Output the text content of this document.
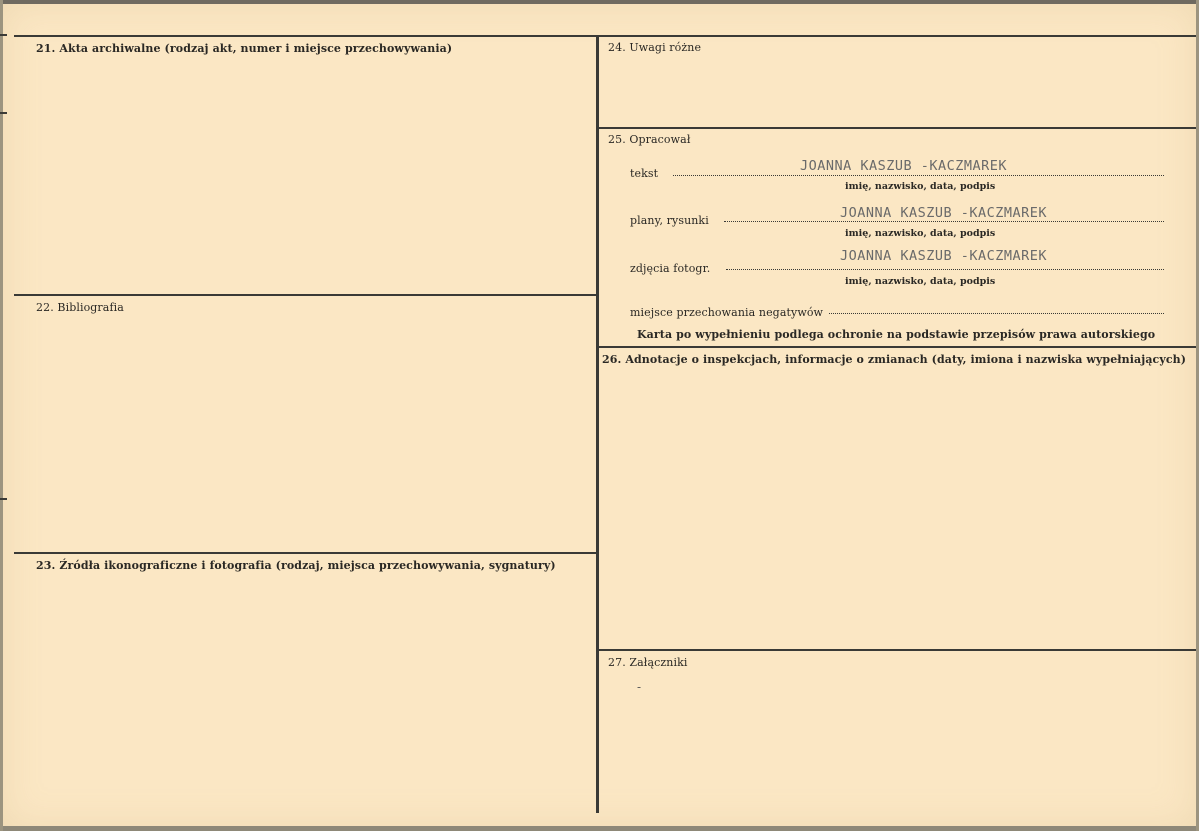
21. Akta archiwalne (rodzaj akt, numer i miejsce przechowywania)
22. Bibliografia
23. Źródła ikonograficzne i fotografia (rodzaj, miejsca przechowywania, sygnatury)
24. Uwagi różne
25. Opracował
tekst	JOANNA KASZUB -KACZMAREK
imię, nazwisko, data, podpis
plany, rysunki	JOANNA KASZUB -KACZMAREK
imię, nazwisko, data, podpis
zdjęcia fotogr.
JOANNA KASZUB -KACZMAREK
imię, nazwisko, data, podpis
miejsce przechowania negatywów
Karta po wypełnieniu podlega ochronie na podstawie przepisów prawa autorskiego
26. Adnotacje o inspekcjach, informacje o zmianach (daty, imiona i nazwiska wypełniających)
27. Załączniki
-
